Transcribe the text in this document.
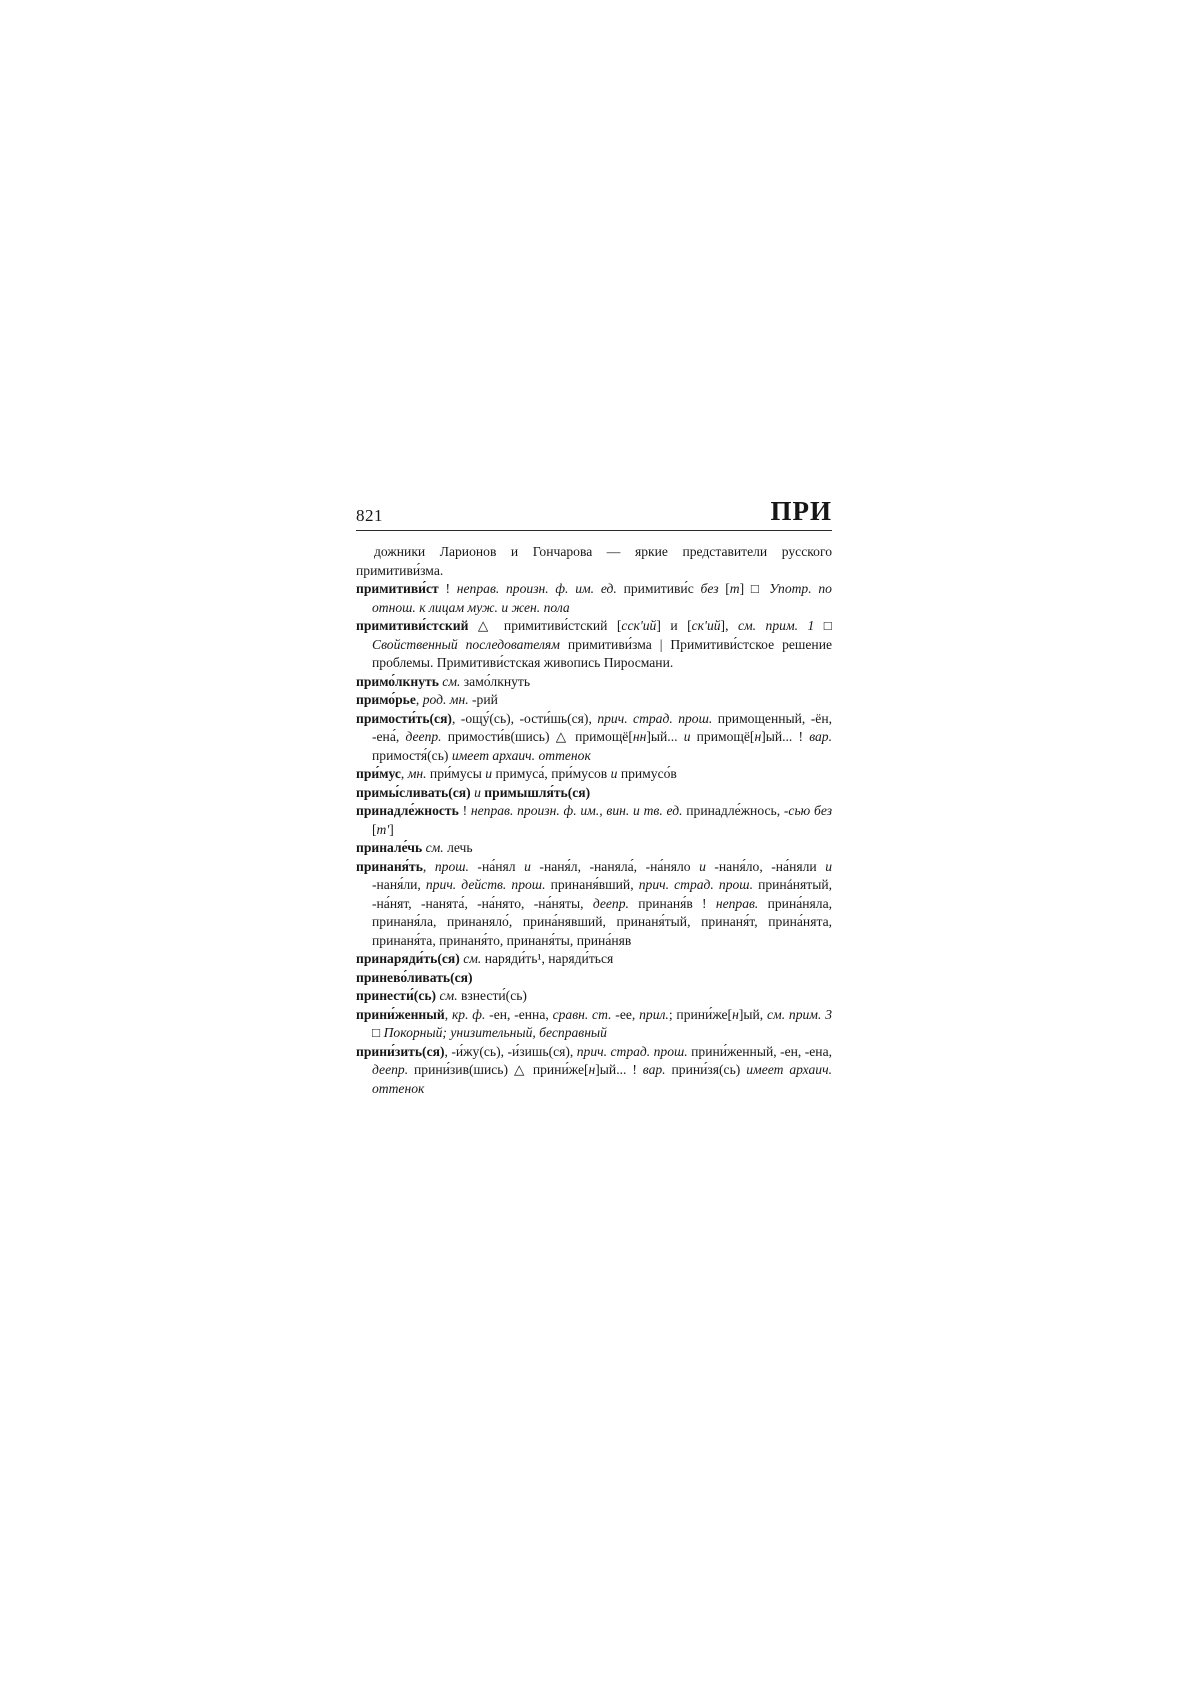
821	ПРИ

дожники Ларионов и Гончарова — яркие представители русского примитиви́зма.

примитиви́ст ! неправ. произн. ф. им. ед. примитиви́с без [т] □ Употр. по отнош. к лицам муж. и жен. пола

примитиви́стский △ примитиви́стский [сск'ий] и [ск'ий], см. прим. 1 □ Свойственный последователям примитиви́зма | Примитиви́стское решение проблемы. Примитиви́стская живопись Пиросмани.

примо́лкнуть см. замо́лкнуть

примо́рье, род. мн. -рий

примости́ть(ся), -ощу́(сь), -ости́шь(ся), прич. страд. прош. примощенный, -ён, -ена́, деепр. примости́в(шись) △ примощё[нн]ый... и примощё[н]ый... ! вар. примостя́(сь) имеет архаич. оттенок

при́мус, мн. при́мусы и примуса́, при́мусов и примусо́в

примы́сливать(ся) и примышля́ть(ся)

принадле́жность ! неправ. произн. ф. им., вин. и тв. ед. принадле́жнось, -сью без [т']

принале́чь см. лечь

принаня́ть, прош. -на́нял и -наня́л, -наняла́, -на́няло и -наня́ло, -на́няли и -наня́ли, прич. действ. прош. принаня́вший, прич. страд. прош. принáнятый, -на́нят, -нанята́, -на́нято, -на́няты, деепр. принаня́в ! неправ. прина́няла, принаня́ла, принаняло́, прина́нявший, принаня́тый, принаня́т, прина́нята, принаня́та, принаня́то, принаня́ты, прина́няв

принаряди́ть(ся) см. наряди́ть¹, наряди́ться

принево́ливать(ся)

принести́(сь) см. взнести́(сь)

прини́женный, кр. ф. -ен, -енна, сравн. ст. -ее, прил.; прини́же[н]ый, см. прим. 3 □ Покорный; унизительный, бесправный

прини́зить(ся), -и́жу(сь), -и́зишь(ся), прич. страд. прош. прини́женный, -ен, -ена, деепр. прини́зив(шись) △ прини́же[н]ый... ! вар. прини́зя(сь) имеет архаич. оттенок
